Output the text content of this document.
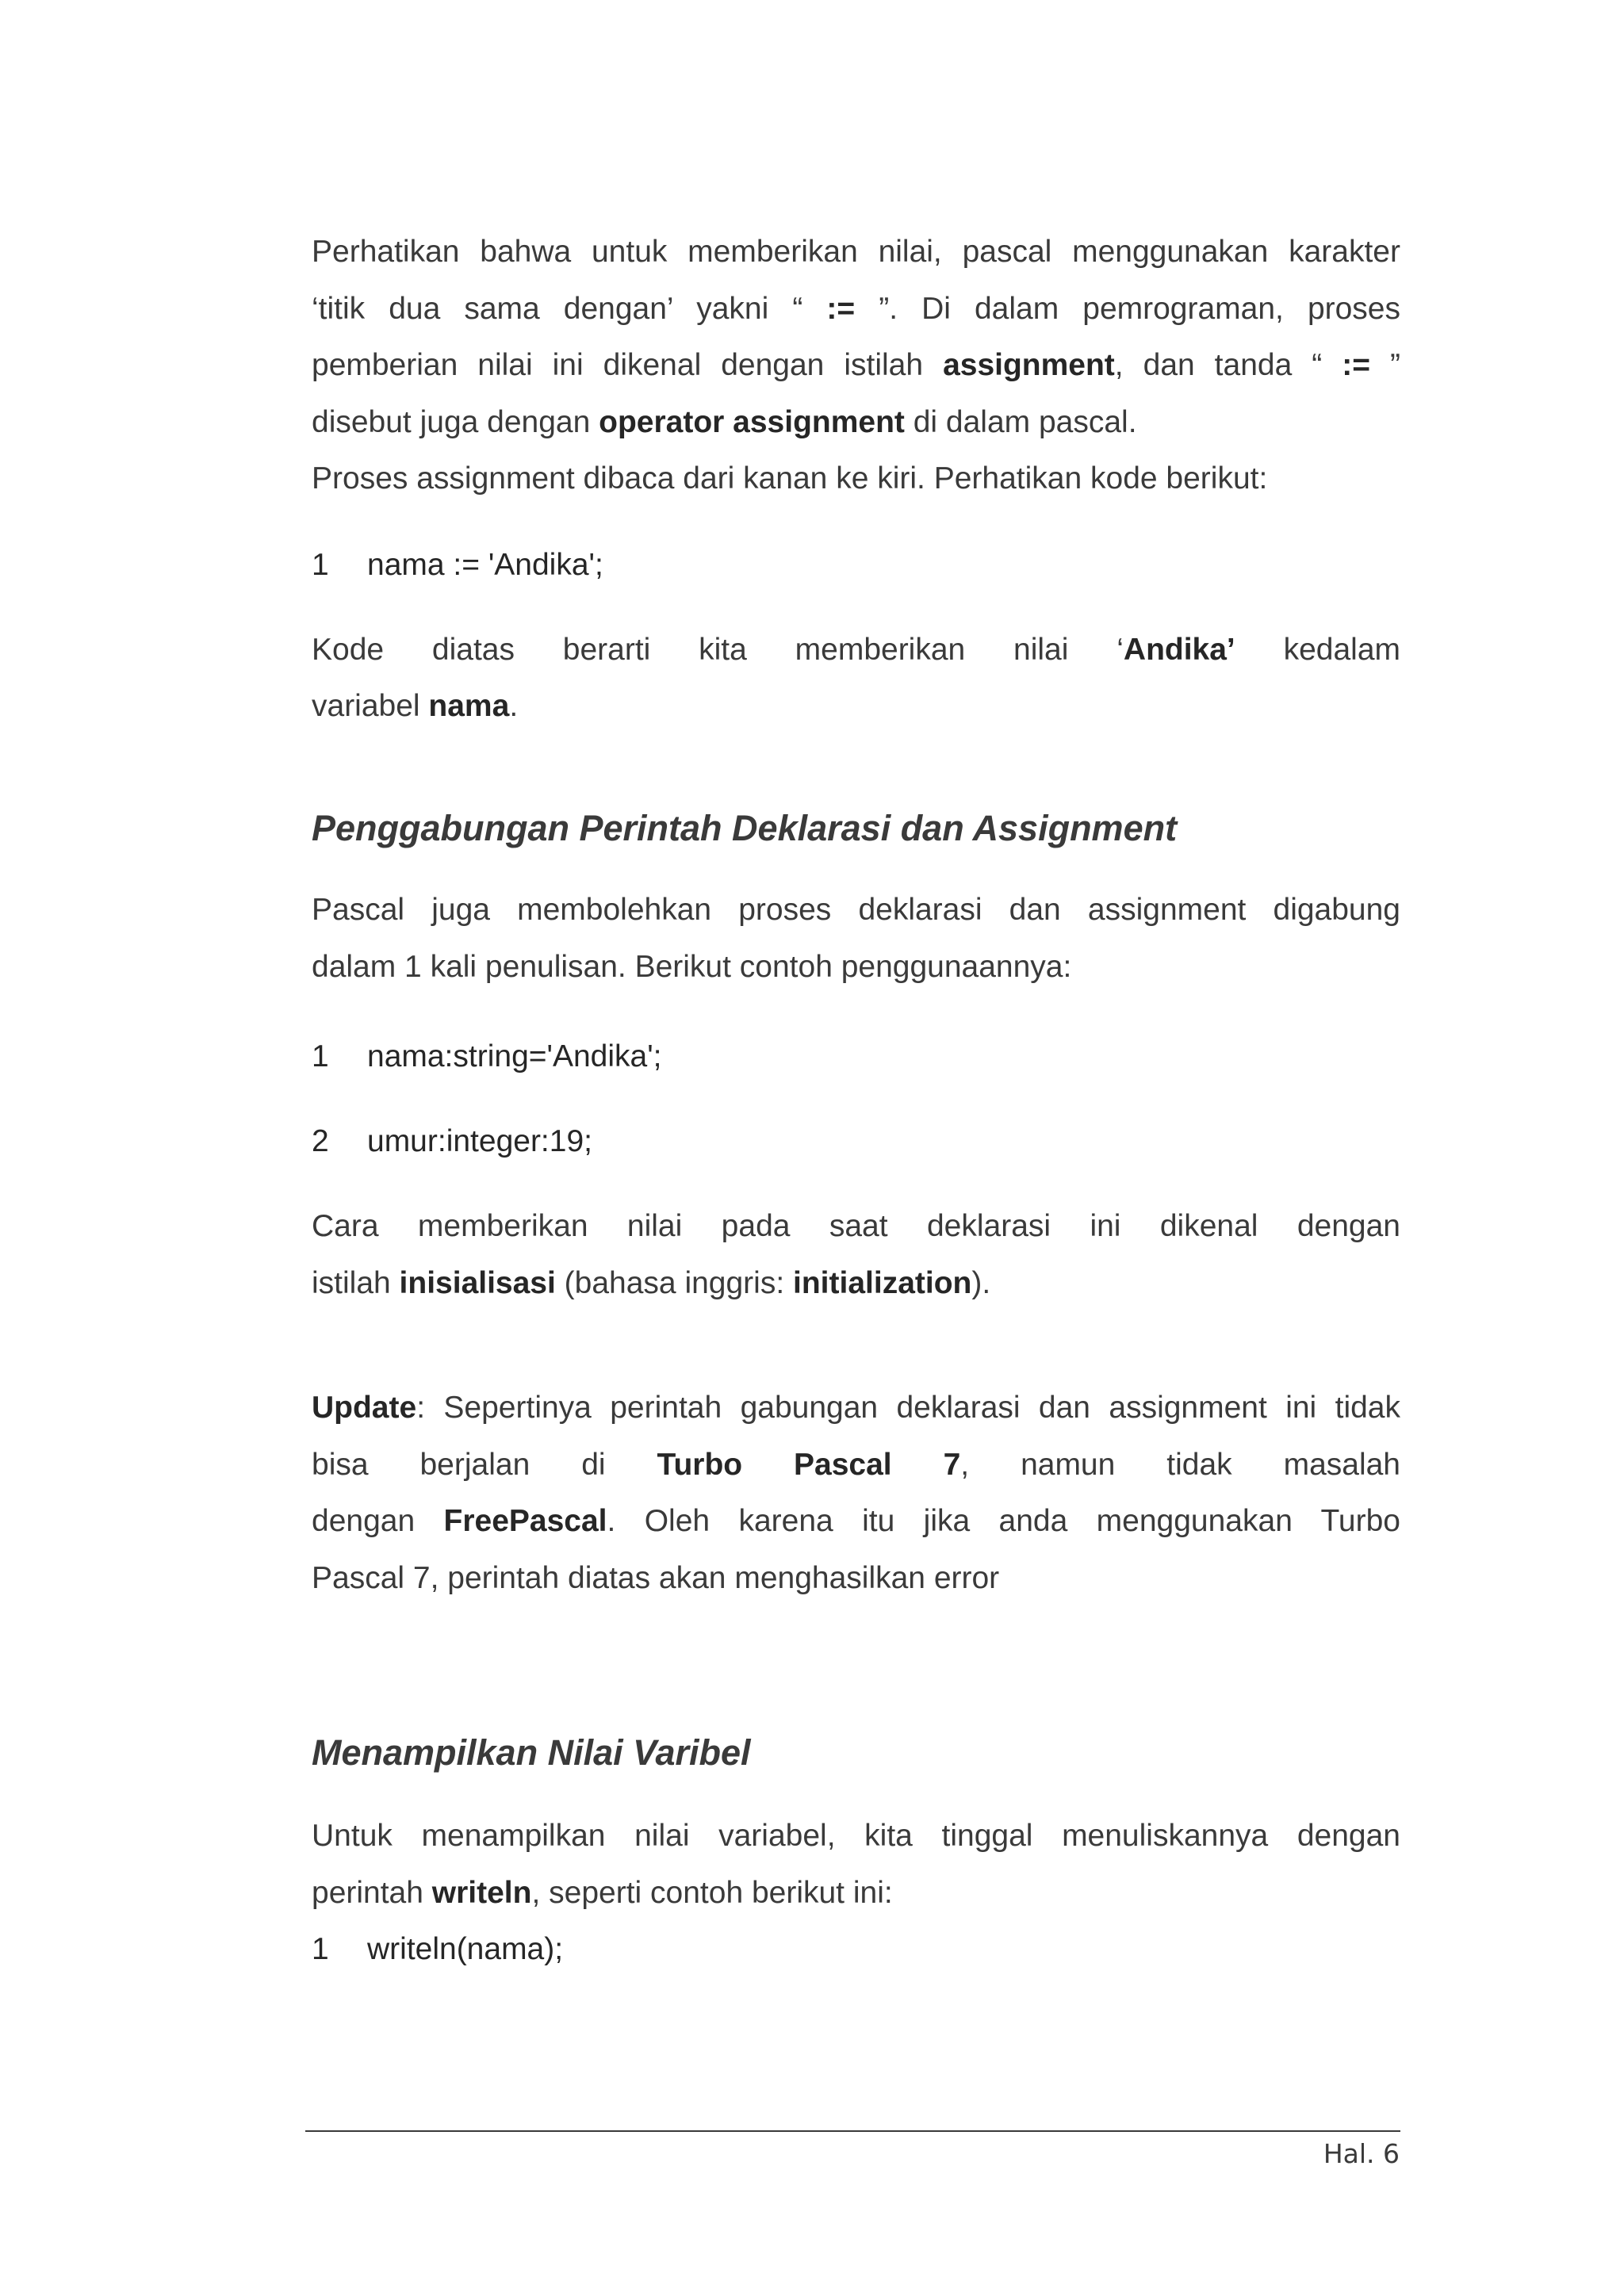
Perhatikan bahwa untuk memberikan nilai, pascal menggunakan karakter

‘titik dua sama dengan’ yakni “ := ”. Di dalam pemrograman, proses

pemberian nilai ini dikenal dengan istilah assignment, dan tanda “ := ”

disebut juga dengan operator assignment di dalam pascal.

Proses assignment dibaca dari kanan ke kiri. Perhatikan kode berikut:

1 nama := 'Andika';

Kode diatas berarti kita memberikan nilai ‘Andika’ kedalam

variabel nama.

Penggabungan Perintah Deklarasi dan Assignment

Pascal juga membolehkan proses deklarasi dan assignment digabung

dalam 1 kali penulisan. Berikut contoh penggunaannya:

1 nama:string='Andika';
2 umur:integer:19;

Cara memberikan nilai pada saat deklarasi ini dikenal dengan

istilah inisialisasi (bahasa inggris: initialization).

Update: Sepertinya perintah gabungan deklarasi dan assignment ini tidak

bisa berjalan di Turbo Pascal 7, namun tidak masalah

dengan FreePascal. Oleh karena itu jika anda menggunakan Turbo

Pascal 7, perintah diatas akan menghasilkan error

Menampilkan Nilai Varibel

Untuk menampilkan nilai variabel, kita tinggal menuliskannya dengan

perintah writeln, seperti contoh berikut ini:

1 writeln(nama);
Hal. 6
